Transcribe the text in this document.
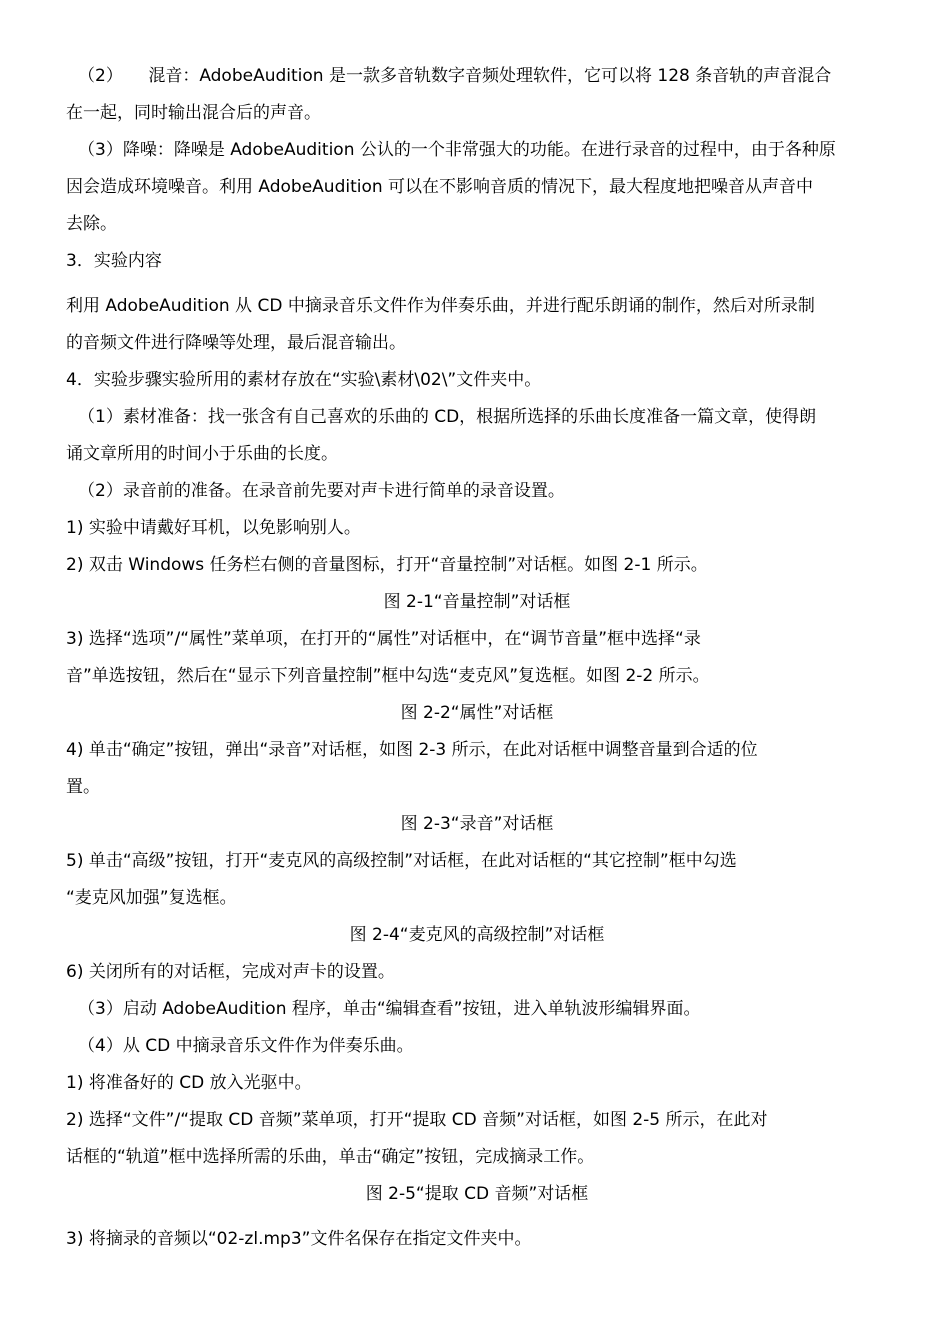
（2）　　混音：AdobeAudition 是一款多音轨数字音频处理软件，它可以将 128 条音轨的声音混合
在一起，同时输出混合后的声音。
（3）降噪：降噪是 AdobeAudition 公认的一个非常强大的功能。在进行录音的过程中，由于各种原
因会造成环境噪音。利用 AdobeAudition 可以在不影响音质的情况下，最大程度地把噪音从声音中
去除。
3．实验内容
利用 AdobeAudition 从 CD 中摘录音乐文件作为伴奏乐曲，并进行配乐朗诵的制作，然后对所录制
的音频文件进行降噪等处理，最后混音输出。
4．实验步骤实验所用的素材存放在“实验\素材\02\”文件夹中。
（1）素材准备：找一张含有自己喜欢的乐曲的 CD，根据所选择的乐曲长度准备一篇文章，使得朗
诵文章所用的时间小于乐曲的长度。
（2）录音前的准备。在录音前先要对声卡进行简单的录音设置。
1) 实验中请戴好耳机，以免影响别人。
2) 双击 Windows 任务栏右侧的音量图标，打开“音量控制”对话框。如图 2-1 所示。
图 2-1“音量控制”对话框
3) 选择“选项”/“属性”菜单项，在打开的“属性”对话框中，在“调节音量”框中选择“录
音”单选按钮，然后在“显示下列音量控制”框中勾选“麦克风”复选框。如图 2-2 所示。
图 2-2“属性”对话框
4) 单击“确定”按钮，弹出“录音”对话框，如图 2-3 所示，在此对话框中调整音量到合适的位
置。
图 2-3“录音”对话框
5) 单击“高级”按钮，打开“麦克风的高级控制”对话框，在此对话框的“其它控制”框中勾选
“麦克风加强”复选框。
图 2-4“麦克风的高级控制”对话框
6) 关闭所有的对话框，完成对声卡的设置。
（3）启动 AdobeAudition 程序，单击“编辑查看”按钮，进入单轨波形编辑界面。
（4）从 CD 中摘录音乐文件作为伴奏乐曲。
1) 将准备好的 CD 放入光驱中。
2) 选择“文件”/“提取 CD 音频”菜单项，打开“提取 CD 音频”对话框，如图 2-5 所示，在此对
话框的“轨道”框中选择所需的乐曲，单击“确定”按钮，完成摘录工作。
图 2-5“提取 CD 音频”对话框
3) 将摘录的音频以“02-zl.mp3”文件名保存在指定文件夹中。
